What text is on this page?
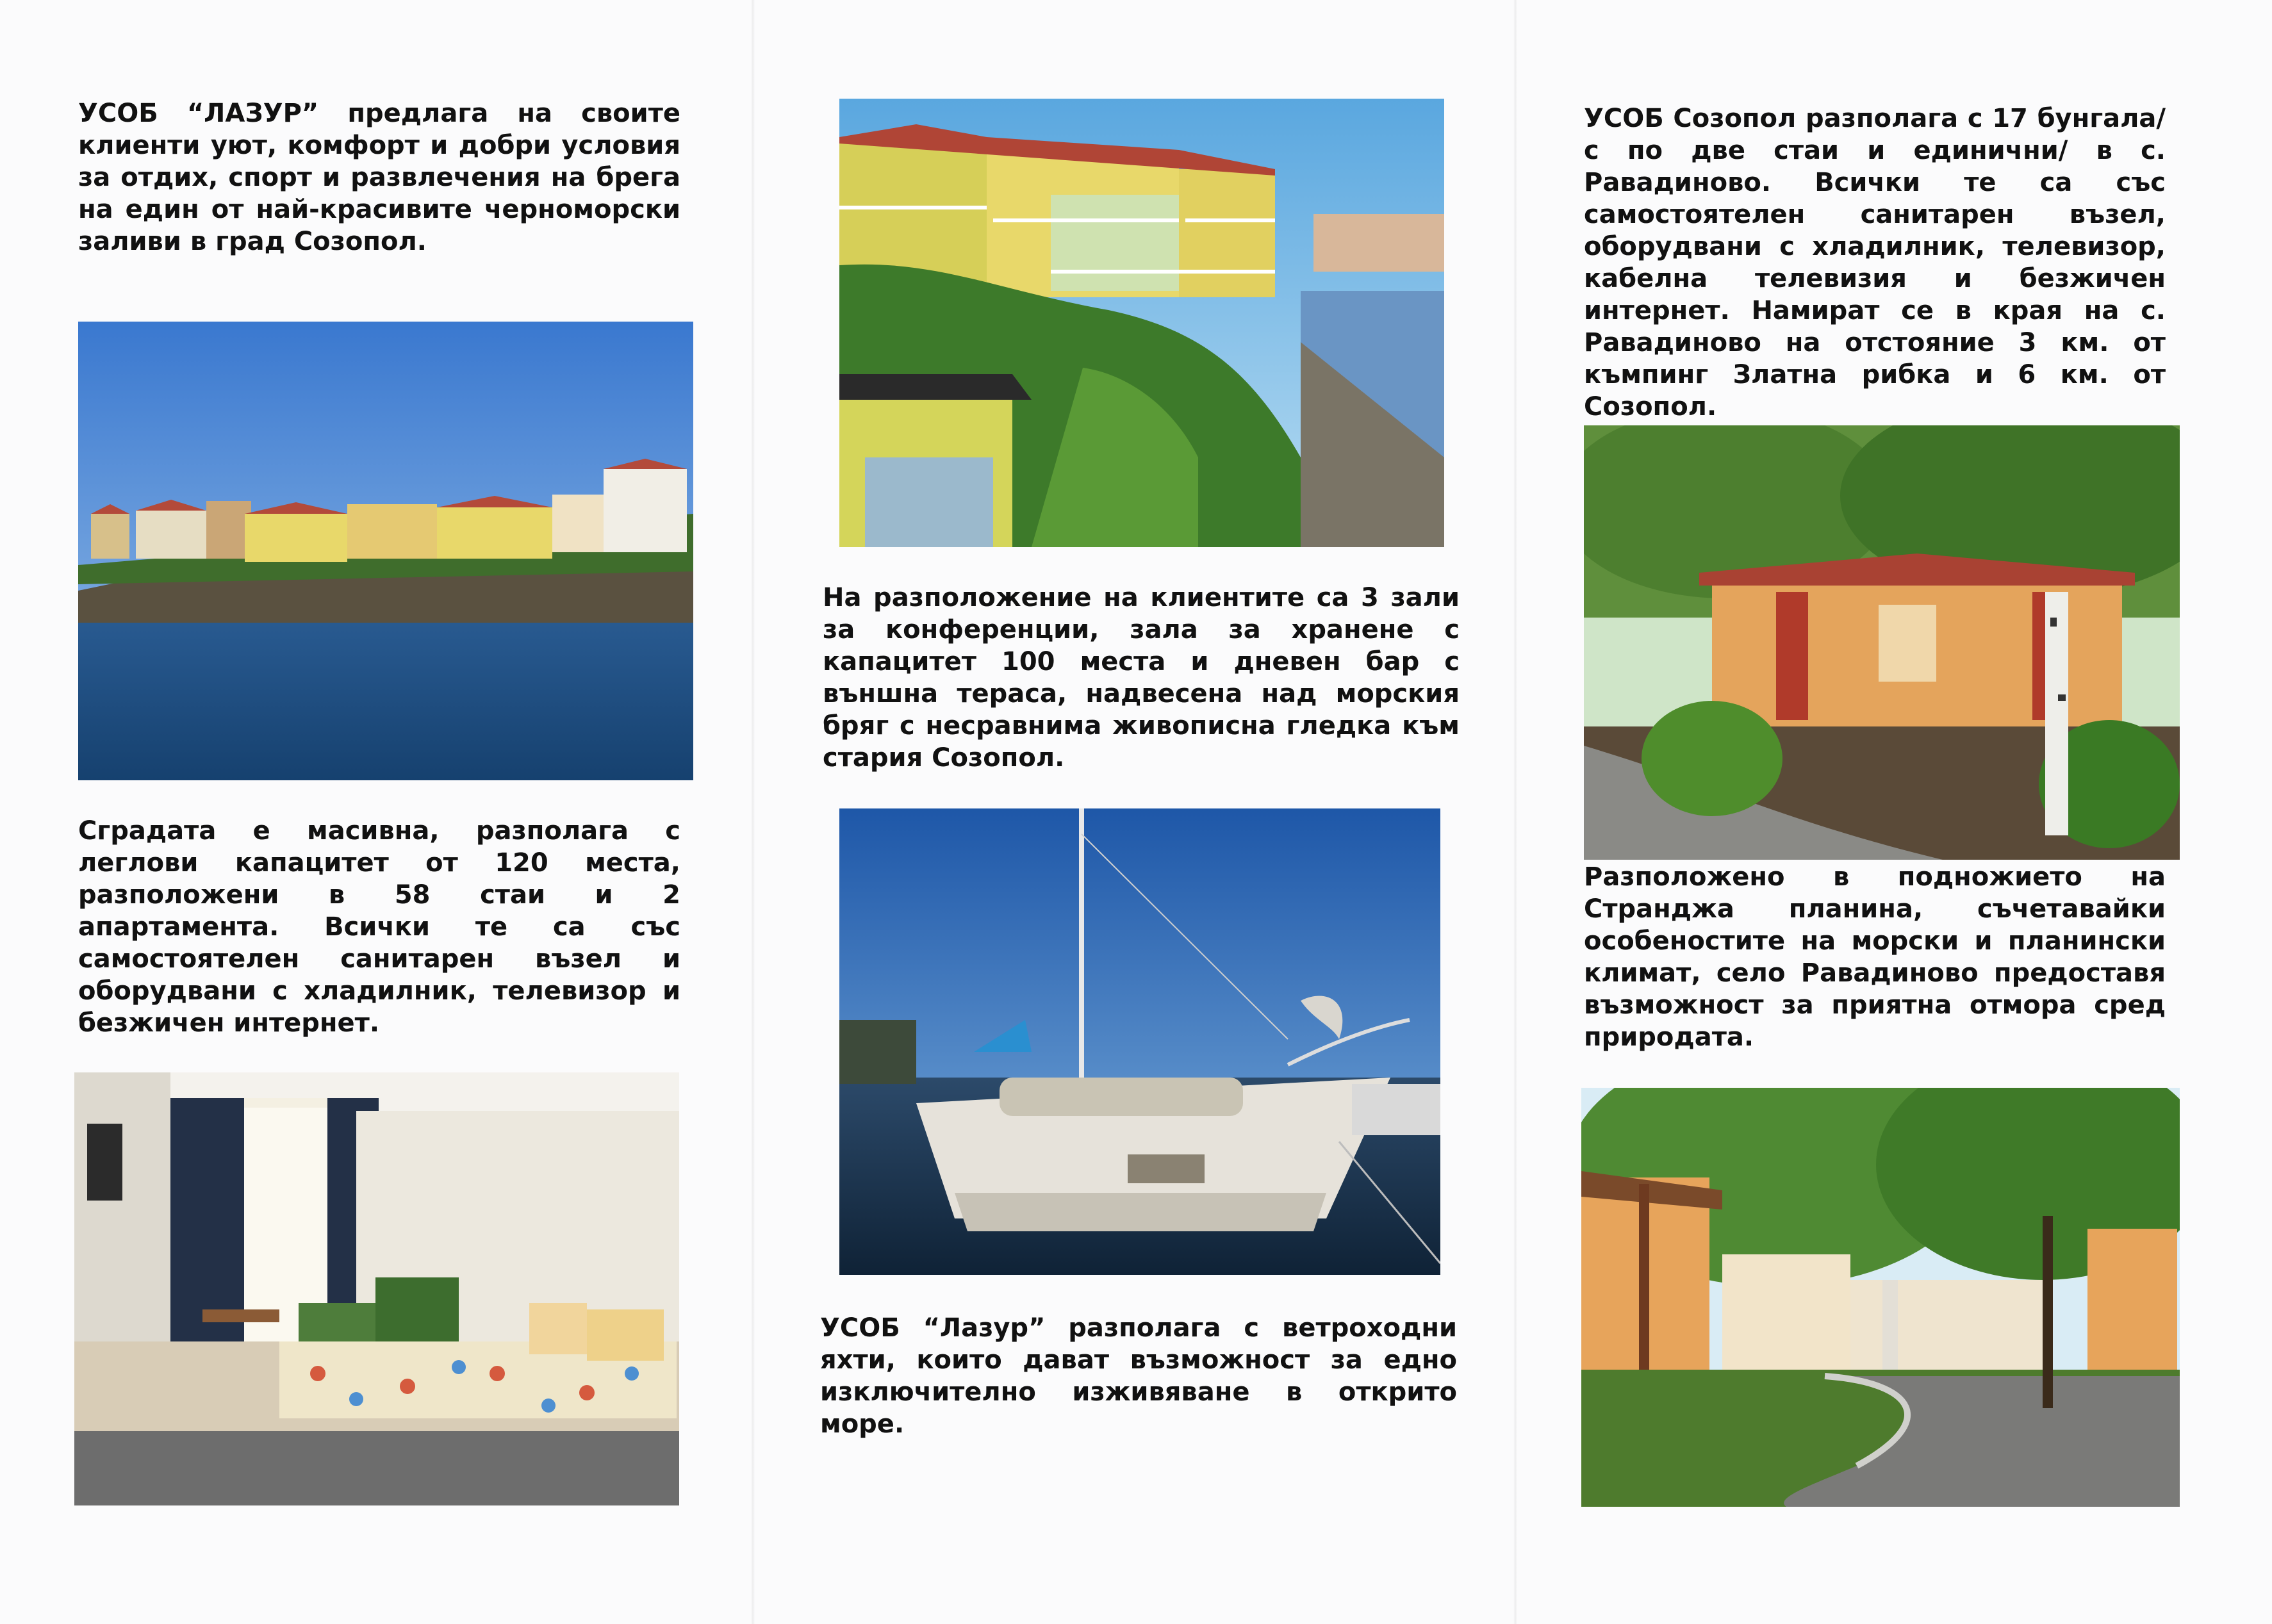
УСОБ “ЛАЗУР” предлага на своите клиенти уют, комфорт и добри условия за отдих, спорт и развлечения на брега на един от най-красивите черноморски заливи в град Созопол.

Сградата е масивна, разполага с леглови капацитет от 120 места, разположени в 58 стаи и 2 апартамента. Всички те са със самостоятелен санитарен възел и оборудвани с хладилник, телевизор и безжичен интернет.

На разположение на клиентите са 3 зали за конференции, зала за хранене с капацитет 100 места и дневен бар с външна тераса, надвесена над морския бряг с несравнима живописна гледка към стария Созопол.

УСОБ “Лазур” разполага с ветроходни яхти, които дават възможност за едно изключително изживяване в открито море.

УСОБ Созопол разполага с 17 бунгала/с по две стаи и единични/ в с. Равадиново. Всички те са със самостоятелен санитарен възел, оборудвани с хладилник, телевизор, кабелна телевизия и безжичен интернет. Намират се в края на с. Равадиново на отстояние 3 км. от къмпинг Златна рибка и 6 км. от Созопол.

Разположено в подножието на Странджа планина, съчетавайки особеностите на морски и планински климат, село Равадиново предоставя възможност за приятна отмора сред природата.
